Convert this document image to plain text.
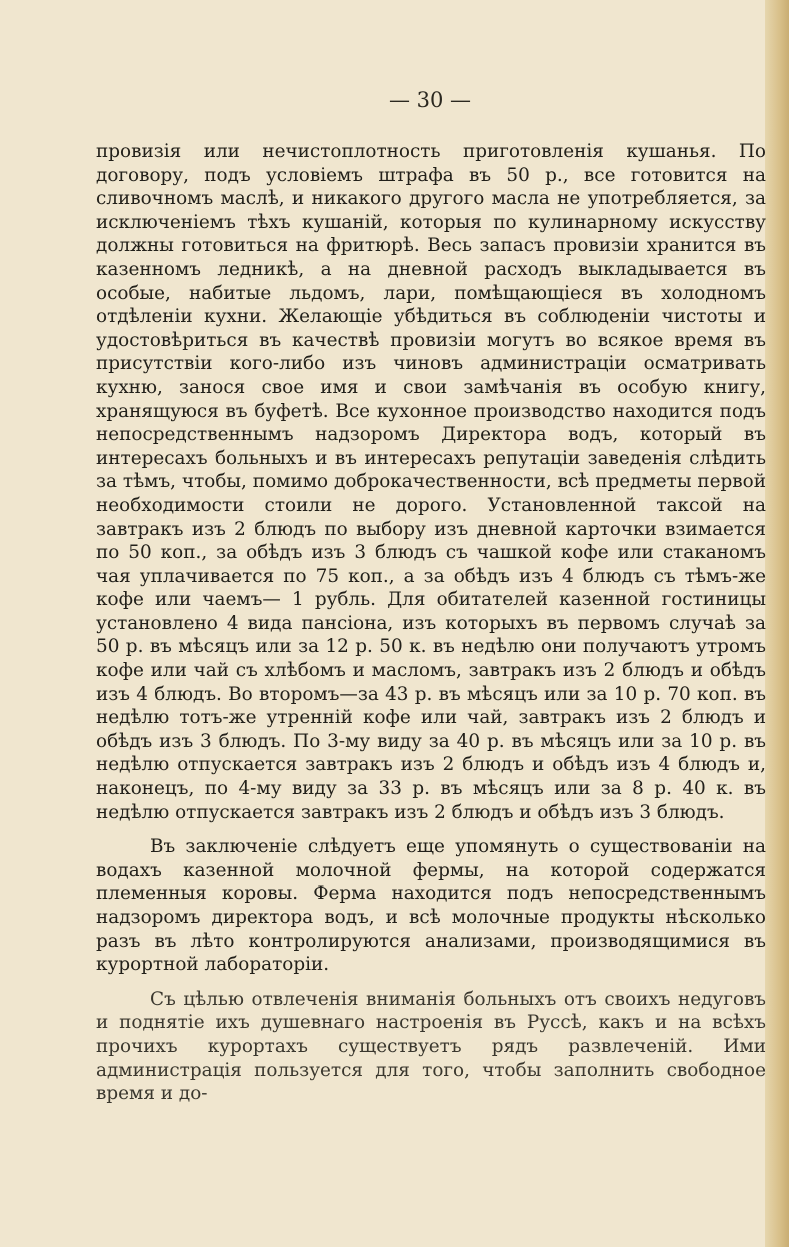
— 30 —

провизія или нечистоплотность приготовленія кушанья. По договору, подъ условіемъ штрафа въ 50 р., все готовится на сливочномъ маслѣ, и никакого другого масла не употребляется, за исключеніемъ тѣхъ кушаній, которыя по кулинарному искусству должны готовиться на фритюрѣ. Весь запасъ провизіи хранится въ казенномъ ледникѣ, а на дневной расходъ выкладывается въ особые, набитые льдомъ, лари, помѣщающіеся въ холодномъ отдѣленіи кухни. Желающіе убѣдиться въ соблюденіи чистоты и удостовѣриться въ качествѣ провизіи могутъ во всякое время въ присутствіи кого-либо изъ чиновъ администраціи осматривать кухню, занося свое имя и свои замѣчанія въ особую книгу, хранящуюся въ буфетѣ. Все кухонное производство находится подъ непосредственнымъ надзоромъ Директора водъ, который въ интересахъ больныхъ и въ интересахъ репутаціи заведенія слѣдить за тѣмъ, чтобы, помимо доброкачественности, всѣ предметы первой необходимости стоили не дорого. Установленной таксой на завтракъ изъ 2 блюдъ по выбору изъ дневной карточки взимается по 50 коп., за обѣдъ изъ 3 блюдъ съ чашкой кофе или стаканомъ чая уплачивается по 75 коп., а за обѣдъ изъ 4 блюдъ съ тѣмъ-же кофе или чаемъ— 1 рубль. Для обитателей казенной гостиницы установлено 4 вида пансіона, изъ которыхъ въ первомъ случаѣ за 50 р. въ мѣсяцъ или за 12 р. 50 к. въ недѣлю они получаютъ утромъ кофе или чай съ хлѣбомъ и масломъ, завтракъ изъ 2 блюдъ и обѣдъ изъ 4 блюдъ. Во второмъ—за 43 р. въ мѣсяцъ или за 10 р. 70 коп. въ недѣлю тотъ-же утренній кофе или чай, завтракъ изъ 2 блюдъ и обѣдъ изъ 3 блюдъ. По 3-му виду за 40 р. въ мѣсяцъ или за 10 р. въ недѣлю отпускается завтракъ изъ 2 блюдъ и обѣдъ изъ 4 блюдъ и, наконецъ, по 4-му виду за 33 р. въ мѣсяцъ или за 8 р. 40 к. въ недѣлю отпускается завтракъ изъ 2 блюдъ и обѣдъ изъ 3 блюдъ.

Въ заключеніе слѣдуетъ еще упомянуть о существованіи на водахъ казенной молочной фермы, на которой содержатся племенныя коровы. Ферма находится подъ непосредственнымъ надзоромъ директора водъ, и всѣ молочные продукты нѣсколько разъ въ лѣто контролируются анализами, производящимися въ курортной лабораторіи.

Съ цѣлью отвлеченія вниманія больныхъ отъ своихъ недуговъ и поднятіе ихъ душевнаго настроенія въ Руссѣ, какъ и на всѣхъ прочихъ курортахъ существуетъ рядъ развлеченій. Ими администрація пользуется для того, чтобы заполнить свободное время и до-
